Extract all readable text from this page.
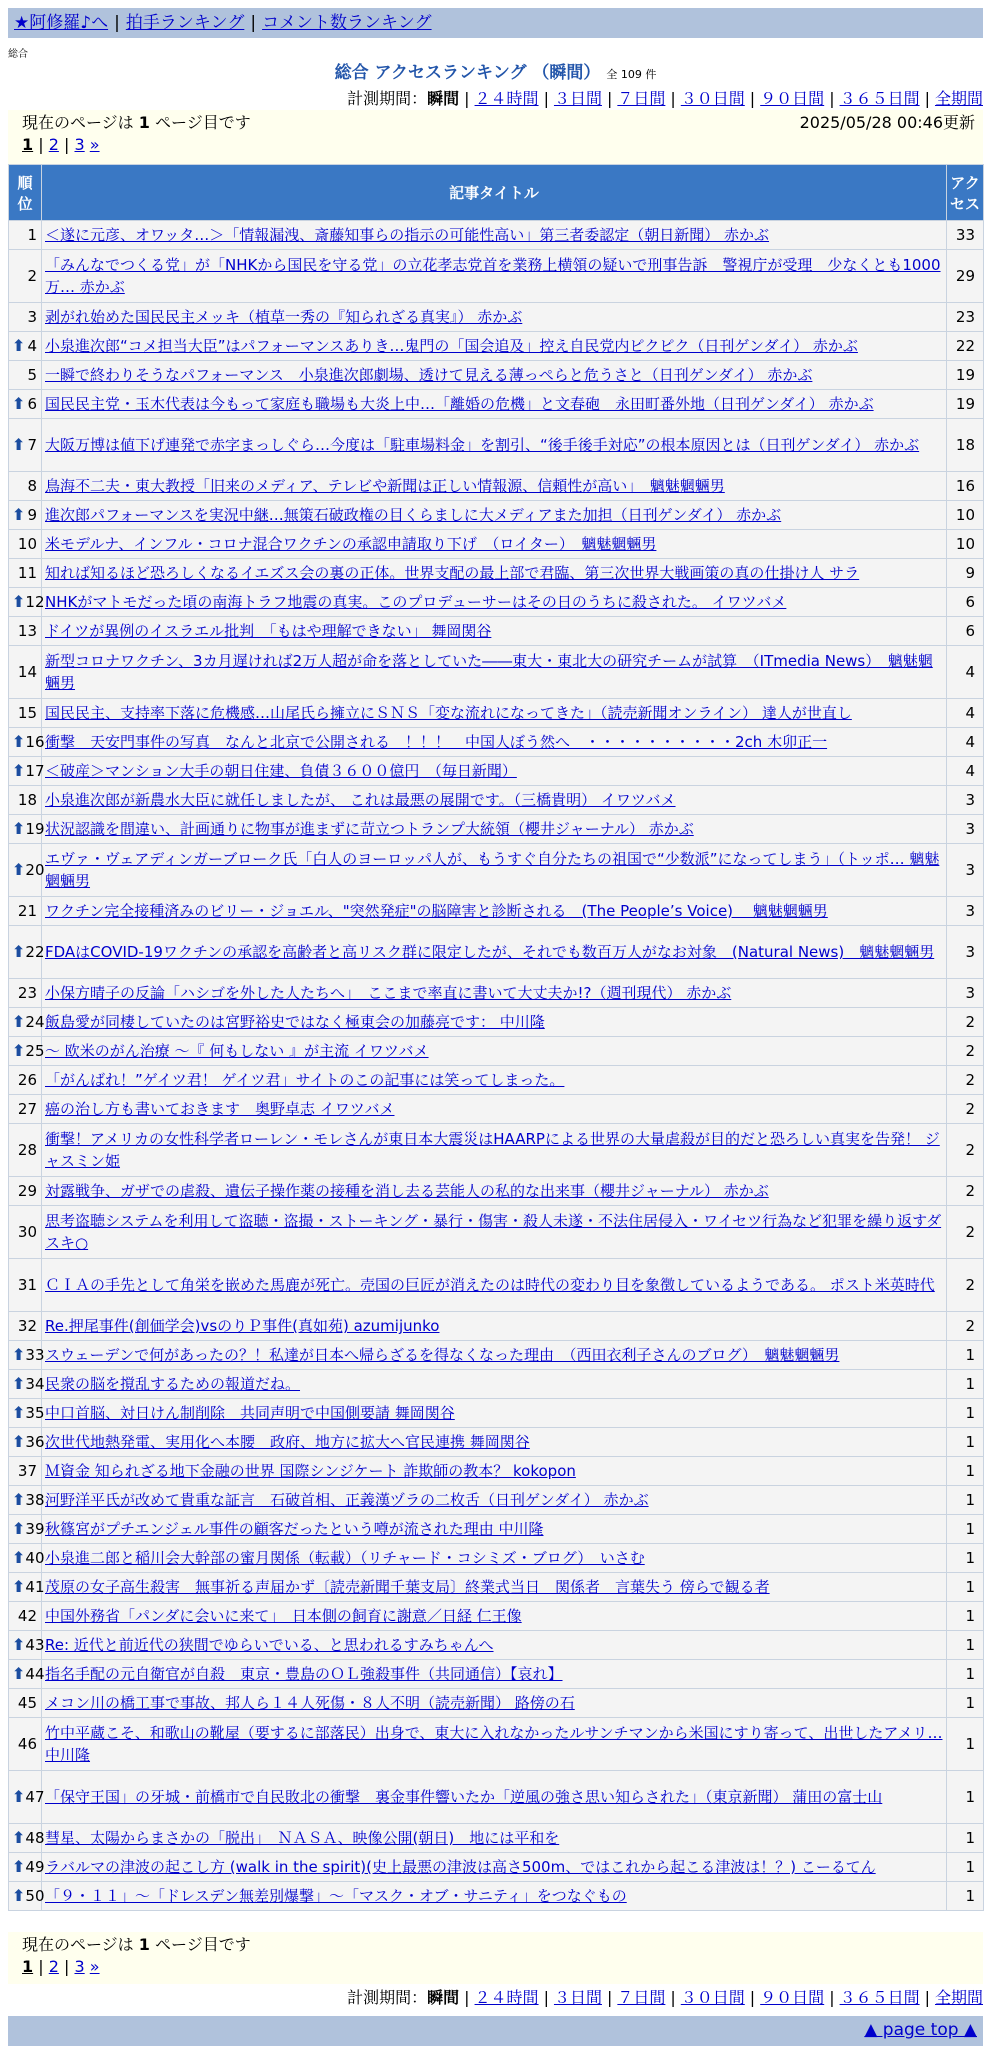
★阿修羅♪へ | 拍手ランキング | コメント数ランキング
総合
総合 アクセスランキング （瞬間） 全 109 件
計測期間：瞬間 | ２４時間 | ３日間 | ７日間 | ３０日間 | ９０日間 | ３６５日間 | 全期間
現在のページは 1 ページ目です	2025/05/28 00:46更新
1 | 2 | 3 »
順位	記事タイトル	アクセス
1	＜遂に元彦、オワッタ…＞「情報漏洩、斎藤知事らの指示の可能性高い」第三者委認定（朝日新聞） 赤かぶ	33
2	「みんなでつくる党」が「NHKから国民を守る党」の立花孝志党首を業務上横領の疑いで刑事告訴　警視庁が受理　少なくとも1000万… 赤かぶ	29
3	剥がれ始めた国民民主メッキ（植草一秀の『知られざる真実』） 赤かぶ	23

⬆ 4	小泉進次郎“コメ担当大臣”はパフォーマンスありき…鬼門の「国会追及」控え自民党内ピクピク（日刊ゲンダイ） 赤かぶ	22
5	一瞬で終わりそうなパフォーマンス　小泉進次郎劇場、透けて見える薄っぺらと危うさと（日刊ゲンダイ） 赤かぶ	19

⬆ 6	国民民主党・玉木代表は今もって家庭も職場も大炎上中…「離婚の危機」と文春砲　永田町番外地（日刊ゲンダイ） 赤かぶ	19

⬆ 7	大阪万博は値下げ連発で赤字まっしぐら…今度は「駐車場料金」を割引、“後手後手対応”の根本原因とは（日刊ゲンダイ） 赤かぶ	18
8	鳥海不二夫・東大教授「旧来のメディア、テレビや新聞は正しい情報源、信頼性が高い」　魑魅魍魎男	16

⬆ 9	進次郎パフォーマンスを実況中継…無策石破政権の目くらましに大メディアまた加担（日刊ゲンダイ） 赤かぶ	10
10	米モデルナ、インフル・コロナ混合ワクチンの承認申請取り下げ　（ロイター）　魑魅魍魎男	10
11	知れば知るほど恐ろしくなるイエズス会の裏の正体。世界支配の最上部で君臨、第三次世界大戦画策の真の仕掛け人 サラ	9

⬆ 12	NHKがマトモだった頃の南海トラフ地震の真実。このプロデューサーはその日のうちに殺された。 イワツバメ	6
13	ドイツが異例のイスラエル批判　「もはや理解できない」 舞岡関谷	6
14	新型コロナワクチン、3カ月遅ければ2万人超が命を落としていた――東大・東北大の研究チームが試算　（ITmedia News）　魑魅魍魎男	4
15	国民民主、支持率下落に危機感…山尾氏ら擁立にＳＮＳ「変な流れになってきた」（読売新聞オンライン） 達人が世直し	4

⬆ 16	衝撃　天安門事件の写真　なんと北京で公開される　！！！　中国人ぼう然へ　・・・・・・・・・・2ch 木卯正一	4

⬆ 17	＜破産＞マンション大手の朝日住建、負債３６００億円　（毎日新聞）	4
18	小泉進次郎が新農水大臣に就任しましたが、 これは最悪の展開です。（三橋貴明） イワツバメ	3

⬆ 19	状況認識を間違い、計画通りに物事が進まずに苛立つトランプ大統領（櫻井ジャーナル） 赤かぶ	3

⬆ 20	エヴァ・ヴェアディンガーブローク氏「白人のヨーロッパ人が、もうすぐ自分たちの祖国で“少数派”になってしまう」（トッポ… 魑魅魍魎男	3
21	ワクチン完全接種済みのビリー・ジョエル、"突然発症"の脳障害と診断される　(The People’s Voice)　 魑魅魍魎男	3

⬆ 22	FDAはCOVID-19ワクチンの承認を高齢者と高リスク群に限定したが、それでも数百万人がなお対象　(Natural News)　魑魅魍魎男	3
23	小保方晴子の反論「ハシゴを外した人たちへ」　ここまで率直に書いて大丈夫か!?（週刊現代） 赤かぶ	3

⬆ 24	飯島愛が同棲していたのは宮野裕史ではなく極東会の加藤亮です： 中川隆	2

⬆ 25	～ 欧米のがん治療 ～『 何もしない 』が主流 イワツバメ	2
26	「がんばれ！”ゲイツ君！ ゲイツ君」サイトのこの記事には笑ってしまった。	2
27	癌の治し方も書いておきます　奥野卓志 イワツバメ	2
28	衝撃！アメリカの女性科学者ローレン・モレさんが東日本大震災はHAARPによる世界の大量虐殺が目的だと恐ろしい真実を告発！ ジャスミン姫	2
29	対露戦争、ガザでの虐殺、遺伝子操作薬の接種を消し去る芸能人の私的な出来事（櫻井ジャーナル） 赤かぶ	2
30	思考盗聴システムを利用して盗聴・盗撮・ストーキング・暴行・傷害・殺人未遂・不法住居侵入・ワイセツ行為など犯罪を繰り返すダスキ○	2
31	ＣＩＡの手先として角栄を嵌めた馬鹿が死亡。売国の巨匠が消えたのは時代の変わり目を象徴しているようである。 ポスト米英時代	2
32	Re.押尾事件(創価学会)vsのりＰ事件(真如苑) azumijunko	2

⬆ 33	スウェーデンで何があったの？！私達が日本へ帰らざるを得なくなった理由　（西田衣利子さんのブログ）　魑魅魍魎男	1

⬆ 34	民衆の脳を撹乱するための報道だね。	1

⬆ 35	中口首脳、対日けん制削除　共同声明で中国側要請 舞岡関谷	1

⬆ 36	次世代地熱発電、実用化へ本腰　政府、地方に拡大へ官民連携 舞岡関谷	1
37	Ｍ資金 知られざる地下金融の世界 国際シンジケート 詐欺師の教本？ kokopon	1

⬆ 38	河野洋平氏が改めて貴重な証言　石破首相、正義漢ヅラの二枚舌（日刊ゲンダイ） 赤かぶ	1

⬆ 39	秋篠宮がプチエンジェル事件の顧客だったという噂が流された理由 中川隆	1

⬆ 40	小泉進二郎と稲川会大幹部の蜜月関係（転載）（リチャード・コシミズ・ブログ）　いさむ	1

⬆ 41	茂原の女子高生殺害　無事祈る声届かず〔読売新聞千葉支局〕終業式当日　関係者　言葉失う 傍らで観る者	1
42	中国外務省「パンダに会いに来て」　日本側の飼育に謝意／日経 仁王像	1

⬆ 43	Re: 近代と前近代の狭間でゆらいでいる、と思われるすみちゃんへ	1

⬆ 44	指名手配の元自衛官が自殺　東京・豊島のＯＬ強殺事件（共同通信）【哀れ】	1
45	メコン川の橋工事で事故、邦人ら１４人死傷・８人不明（読売新聞） 路傍の石	1
46	竹中平蔵こそ、和歌山の靴屋（要するに部落民）出身で、東大に入れなかったルサンチマンから米国にすり寄って、出世したアメリ… 中川隆	1

⬆ 47	「保守王国」の牙城・前橋市で自民敗北の衝撃　裏金事件響いたか「逆風の強さ思い知らされた」（東京新聞） 蒲田の富士山	1

⬆ 48	彗星、太陽からまさかの「脱出」　ＮＡＳＡ、映像公開(朝日)　地には平和を	1

⬆ 49	ラバルマの津波の起こし方 (walk in the spirit)(史上最悪の津波は高さ500m、ではこれから起こる津波は！？) こーるてん	1

⬆ 50	「９・１１」～「ドレスデン無差別爆撃」～「マスク・オブ・サニティ」をつなぐもの	1
現在のページは 1 ページ目です
1 | 2 | 3 »
計測期間：瞬間 | ２４時間 | ３日間 | ７日間 | ３０日間 | ９０日間 | ３６５日間 | 全期間
▲ page top ▲
